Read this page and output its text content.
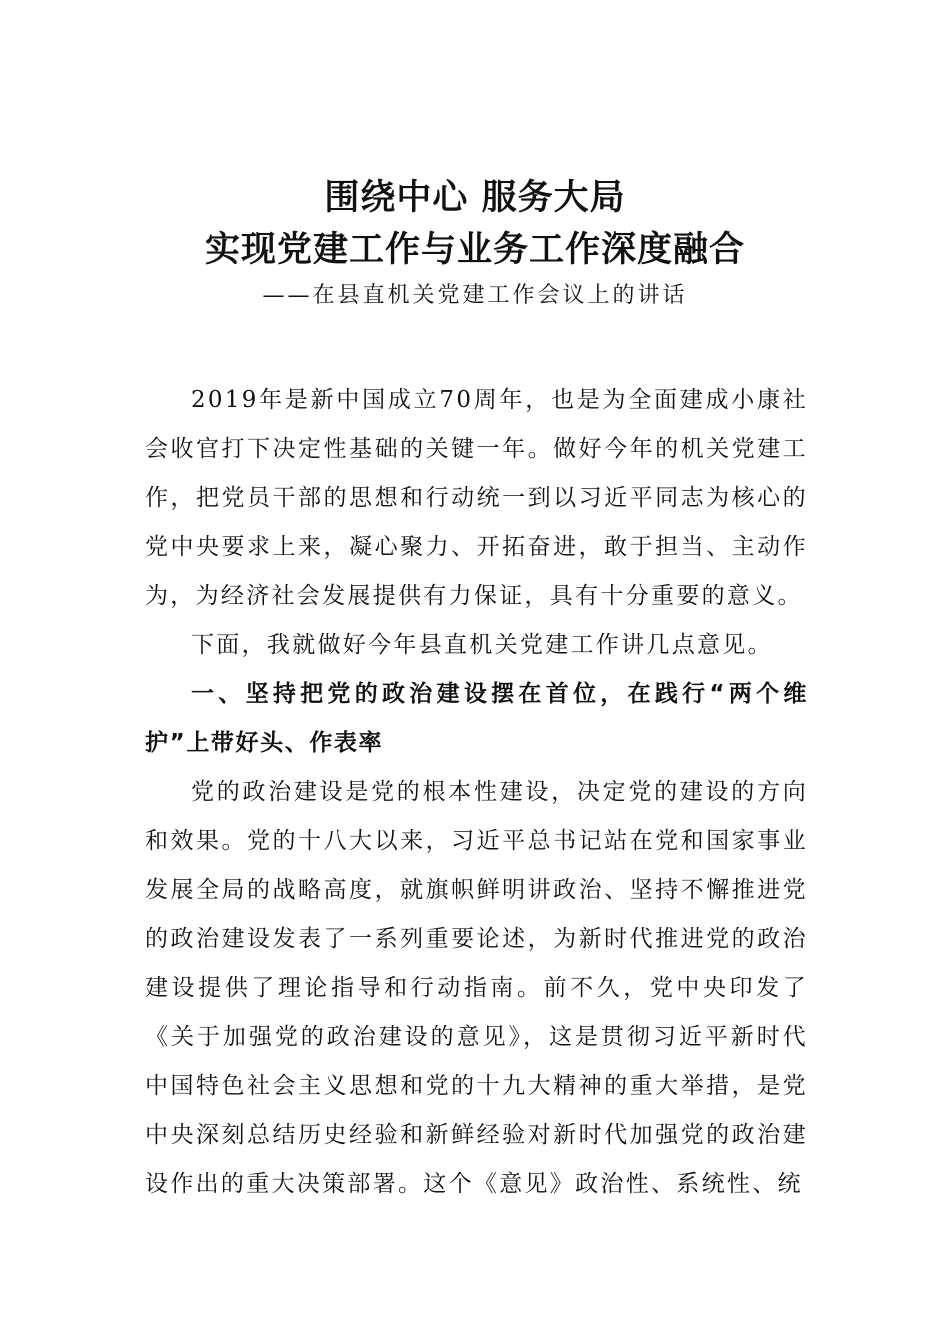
围绕中心 服务大局
实现党建工作与业务工作深度融合
——在县直机关党建工作会议上的讲话

2019年是新中国成立70周年，也是为全面建成小康社会收官打下决定性基础的关键一年。做好今年的机关党建工作，把党员干部的思想和行动统一到以习近平同志为核心的党中央要求上来，凝心聚力、开拓奋进，敢于担当、主动作为，为经济社会发展提供有力保证，具有十分重要的意义。

下面，我就做好今年县直机关党建工作讲几点意见。

一、坚持把党的政治建设摆在首位，在践行“两个维护”上带好头、作表率

党的政治建设是党的根本性建设，决定党的建设的方向和效果。党的十八大以来，习近平总书记站在党和国家事业发展全局的战略高度，就旗帜鲜明讲政治、坚持不懈推进党的政治建设发表了一系列重要论述，为新时代推进党的政治建设提供了理论指导和行动指南。前不久，党中央印发了《关于加强党的政治建设的意见》，这是贯彻习近平新时代中国特色社会主义思想和党的十九大精神的重大举措，是党中央深刻总结历史经验和新鲜经验对新时代加强党的政治建设作出的重大决策部署。这个《意见》政治性、系统性、统
